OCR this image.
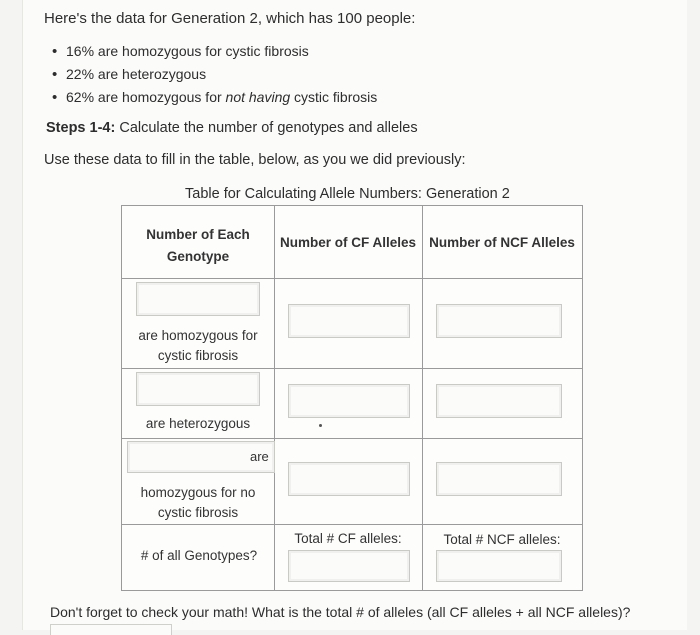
Here's the data for Generation 2, which has 100 people:
• 16% are homozygous for cystic fibrosis
• 22% are heterozygous
• 62% are homozygous for not having cystic fibrosis
Steps 1-4: Calculate the number of genotypes and alleles
Use these data to fill in the table, below, as you we did previously:
Table for Calculating Allele Numbers: Generation 2
Number of Each Genotype
Number of CF Alleles Number of NCF Alleles
are homozygous for cystic fibrosis
are heterozygous
are
homozygous for no cystic fibrosis
# of all Genotypes?
Total # CF alleles:	Total # NCF alleles:
Don't forget to check your math! What is the total # of alleles (all CF alleles + all NCF alleles)?
